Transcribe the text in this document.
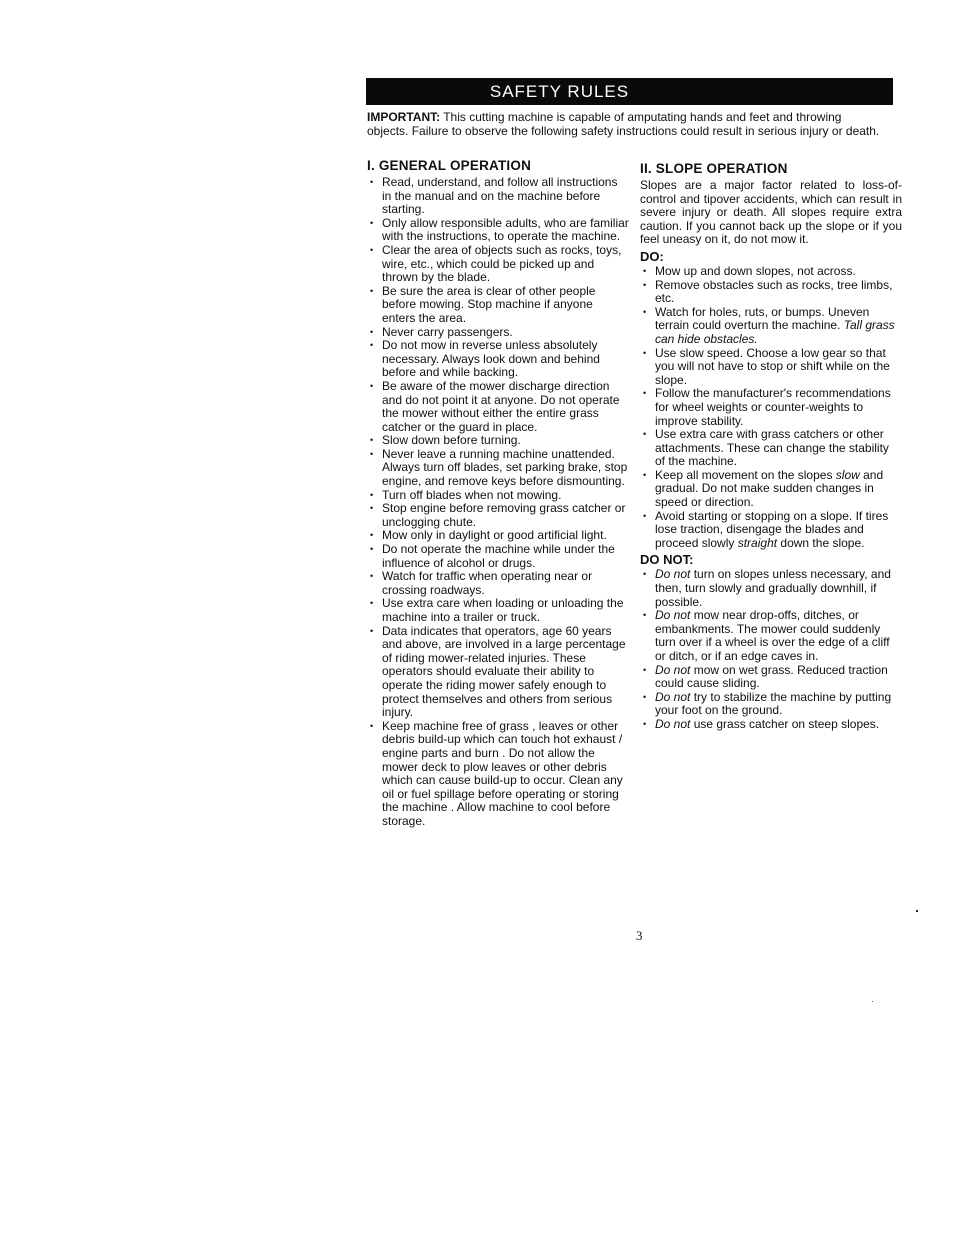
SAFETY RULES
IMPORTANT: This cutting machine is capable of amputating hands and feet and throwing objects. Failure to observe the following safety instructions could result in serious injury or death.
I. GENERAL OPERATION
• Read, understand, and follow all instructions in the manual and on the machine before starting.
• Only allow responsible adults, who are familiar with the instructions, to operate the machine.
• Clear the area of objects such as rocks, toys, wire, etc., which could be picked up and thrown by the blade.
• Be sure the area is clear of other people before mowing. Stop machine if anyone enters the area.
• Never carry passengers.
• Do not mow in reverse unless absolutely necessary. Always look down and behind before and while backing.
• Be aware of the mower discharge direction and do not point it at anyone. Do not operate the mower without either the entire grass catcher or the guard in place.
• Slow down before turning.
• Never leave a running machine unattended. Always turn off blades, set parking brake, stop engine, and remove keys before dismounting.
• Turn off blades when not mowing.
• Stop engine before removing grass catcher or unclogging chute.
• Mow only in daylight or good artificial light.
• Do not operate the machine while under the influence of alcohol or drugs.
• Watch for traffic when operating near or crossing roadways.
• Use extra care when loading or unloading the machine into a trailer or truck.
• Data indicates that operators, age 60 years and above, are involved in a large percentage of riding mower-related injuries. These operators should evaluate their ability to operate the riding mower safely enough to protect themselves and others from serious injury.
• Keep machine free of grass , leaves or other debris build-up which can touch hot exhaust / engine parts and burn . Do not allow the mower deck to plow leaves or other debris which can cause build-up to occur. Clean any oil or fuel spillage before operating or storing the machine . Allow machine to cool before storage.
II. SLOPE OPERATION

Slopes are a major factor related to loss-of-control and tipover accidents, which can result in severe injury or death. All slopes require extra caution. If you cannot back up the slope or if you feel uneasy on it, do not mow it.

DO:
• Mow up and down slopes, not across.
• Remove obstacles such as rocks, tree limbs, etc.
• Watch for holes, ruts, or bumps. Uneven terrain could overturn the machine. Tall grass can hide obstacles.
• Use slow speed. Choose a low gear so that you will not have to stop or shift while on the slope.
• Follow the manufacturer's recommendations for wheel weights or counter-weights to improve stability.
• Use extra care with grass catchers or other attachments. These can change the stability of the machine.
• Keep all movement on the slopes slow and gradual. Do not make sudden changes in speed or direction.
• Avoid starting or stopping on a slope. If tires lose traction, disengage the blades and proceed slowly straight down the slope.
DO NOT:
• Do not turn on slopes unless necessary, and then, turn slowly and gradually downhill, if possible.
• Do not mow near drop-offs, ditches, or embankments. The mower could suddenly turn over if a wheel is over the edge of a cliff or ditch, or if an edge caves in.
• Do not mow on wet grass. Reduced traction could cause sliding.
• Do not try to stabilize the machine by putting your foot on the ground.
• Do not use grass catcher on steep slopes.
3
